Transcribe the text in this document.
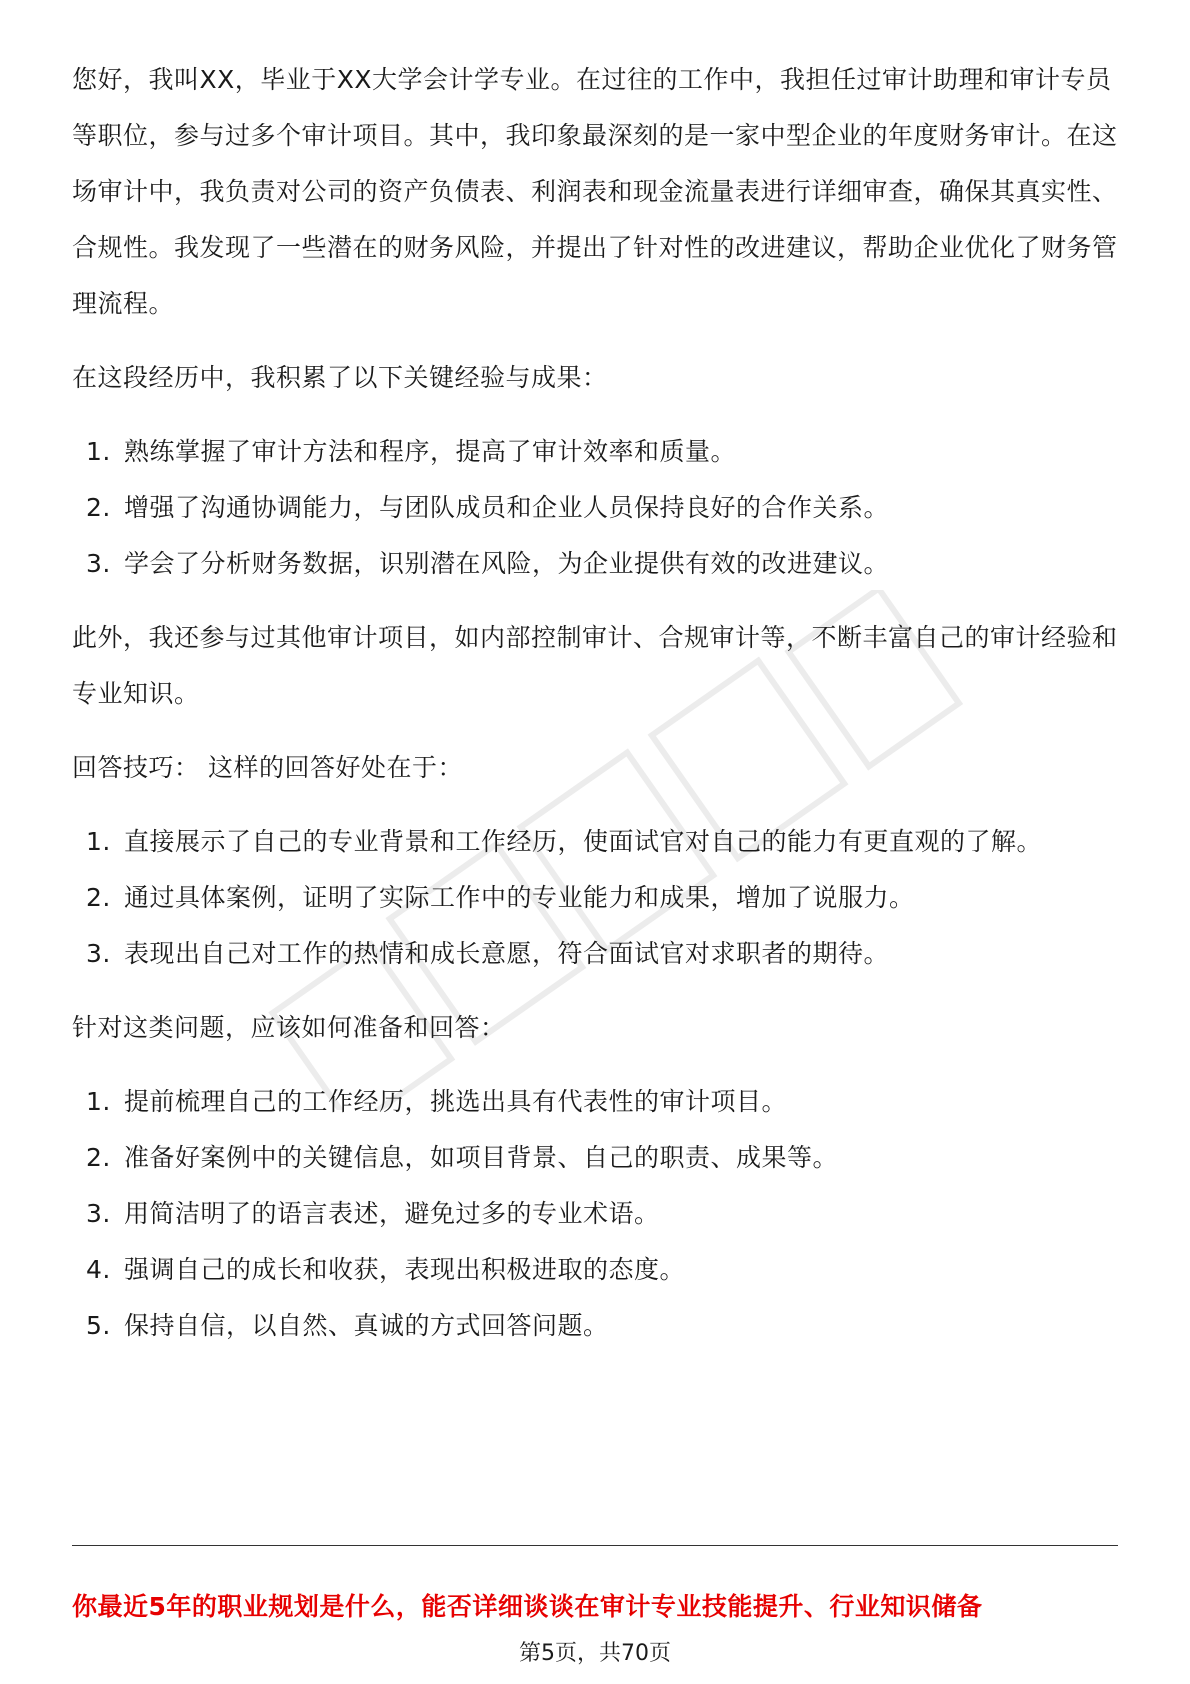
您好，我叫XX，毕业于XX大学会计学专业。在过往的工作中，我担任过审计助理和审计专员等职位，参与过多个审计项目。其中，我印象最深刻的是一家中型企业的年度财务审计。在这场审计中，我负责对公司的资产负债表、利润表和现金流量表进行详细审查，确保其真实性、合规性。我发现了一些潜在的财务风险，并提出了针对性的改进建议，帮助企业优化了财务管理流程。

在这段经历中，我积累了以下关键经验与成果：

1. 熟练掌握了审计方法和程序，提高了审计效率和质量。
2. 增强了沟通协调能力，与团队成员和企业人员保持良好的合作关系。
3. 学会了分析财务数据，识别潜在风险，为企业提供有效的改进建议。

此外，我还参与过其他审计项目，如内部控制审计、合规审计等，不断丰富自己的审计经验和专业知识。

回答技巧： 这样的回答好处在于：

1. 直接展示了自己的专业背景和工作经历，使面试官对自己的能力有更直观的了解。
2. 通过具体案例，证明了实际工作中的专业能力和成果，增加了说服力。
3. 表现出自己对工作的热情和成长意愿，符合面试官对求职者的期待。

针对这类问题，应该如何准备和回答：

1. 提前梳理自己的工作经历，挑选出具有代表性的审计项目。
2. 准备好案例中的关键信息，如项目背景、自己的职责、成果等。
3. 用简洁明了的语言表述，避免过多的专业术语。
4. 强调自己的成长和收获，表现出积极进取的态度。
5. 保持自信，以自然、真诚的方式回答问题。
你最近5年的职业规划是什么，能否详细谈谈在审计专业技能提升、行业知识储备
第5页，共70页
